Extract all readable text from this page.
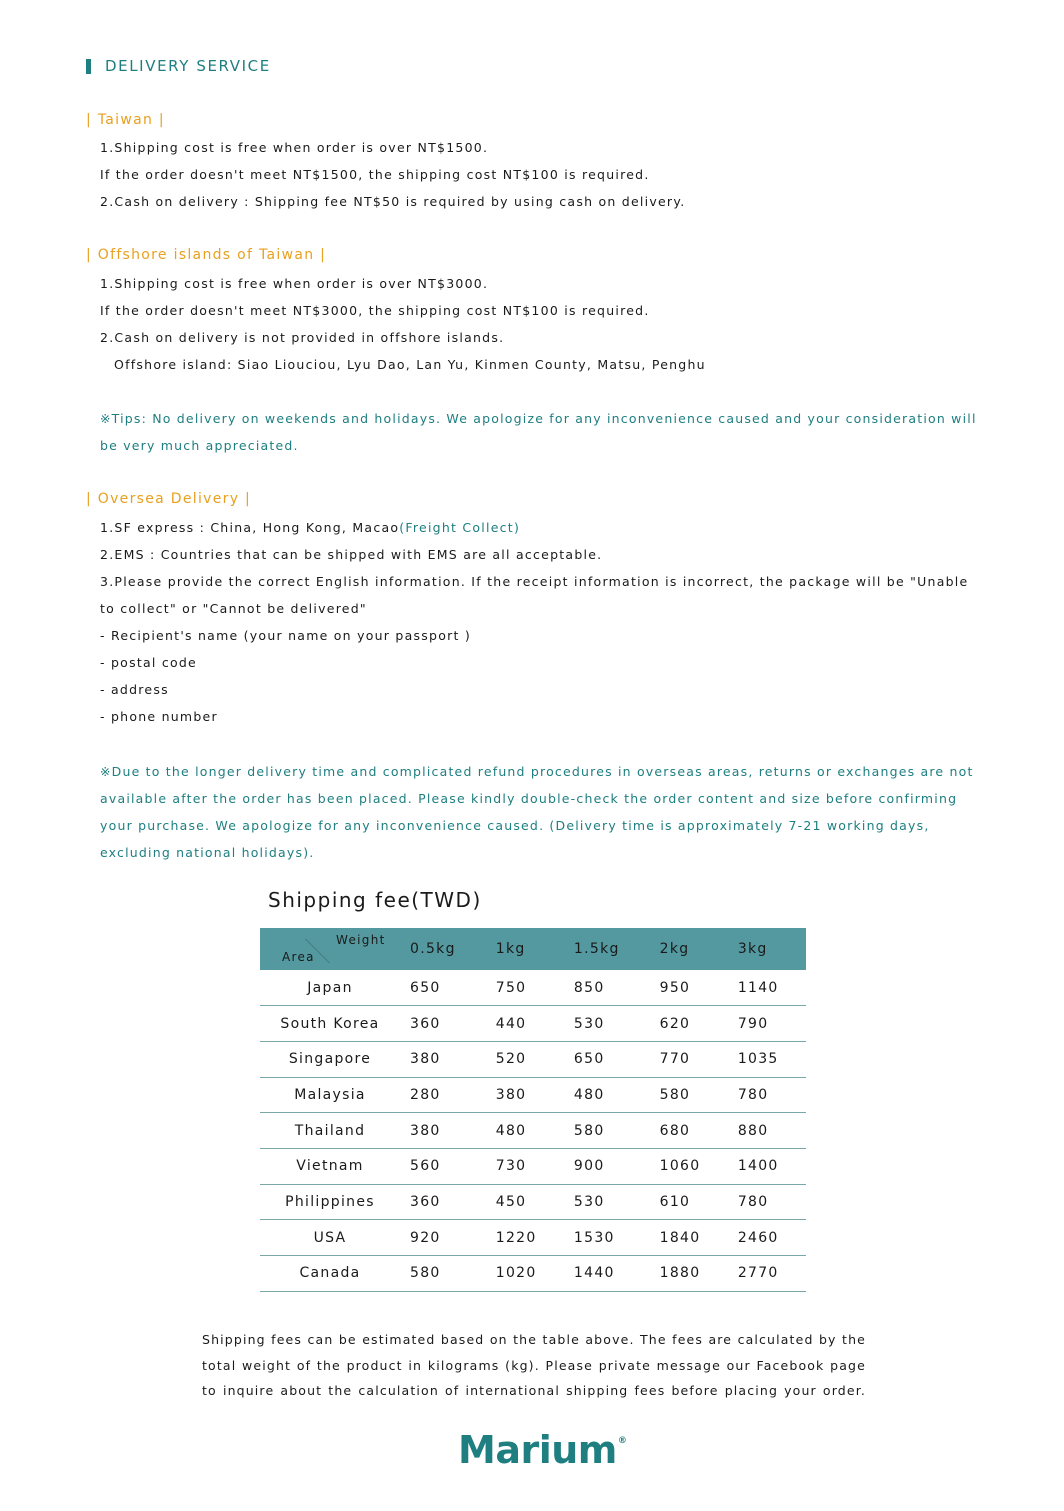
DELIVERY SERVICE
| Taiwan |
1.Shipping cost is free when order is over NT$1500.
If the order doesn't meet NT$1500, the shipping cost NT$100 is required.
2.Cash on delivery : Shipping fee NT$50 is required by using cash on delivery.
| Offshore islands of Taiwan |
1.Shipping cost is free when order is over NT$3000.
If the order doesn't meet NT$3000, the shipping cost NT$100 is required.
2.Cash on delivery is not provided in offshore islands.
Offshore island: Siao Liouciou, Lyu Dao, Lan Yu, Kinmen County, Matsu, Penghu
※Tips: No delivery on weekends and holidays. We apologize for any inconvenience caused and your consideration will be very much appreciated.
| Oversea Delivery |
1.SF express : China, Hong Kong, Macao(Freight Collect)
2.EMS : Countries that can be shipped with EMS are all acceptable.
3.Please provide the correct English information. If the receipt information is incorrect, the package will be "Unable
to collect" or "Cannot be delivered"
- Recipient's name (your name on your passport )
- postal code
- address
- phone number
※Due to the longer delivery time and complicated refund procedures in overseas areas, returns or exchanges are not available after the order has been placed. Please kindly double-check the order content and size before confirming your purchase. We apologize for any inconvenience caused. (Delivery time is approximately 7-21 working days, excluding national holidays).
Shipping fee(TWD)
Weight
Area	0.5kg	1kg	1.5kg	2kg	3kg
Japan	650	750	850	950	1140
South Korea	360	440	530	620	790
Singapore	380	520	650	770	1035
Malaysia	280	380	480	580	780
Thailand	380	480	580	680	880
Vietnam	560	730	900	1060	1400
Philippines	360	450	530	610	780
USA	920	1220	1530	1840	2460
Canada	580	1020	1440	1880	2770
Shipping fees can be estimated based on the table above. The fees are calculated by the total weight of the product in kilograms (kg). Please private message our Facebook page to inquire about the calculation of international shipping fees before placing your order.
Marium®
